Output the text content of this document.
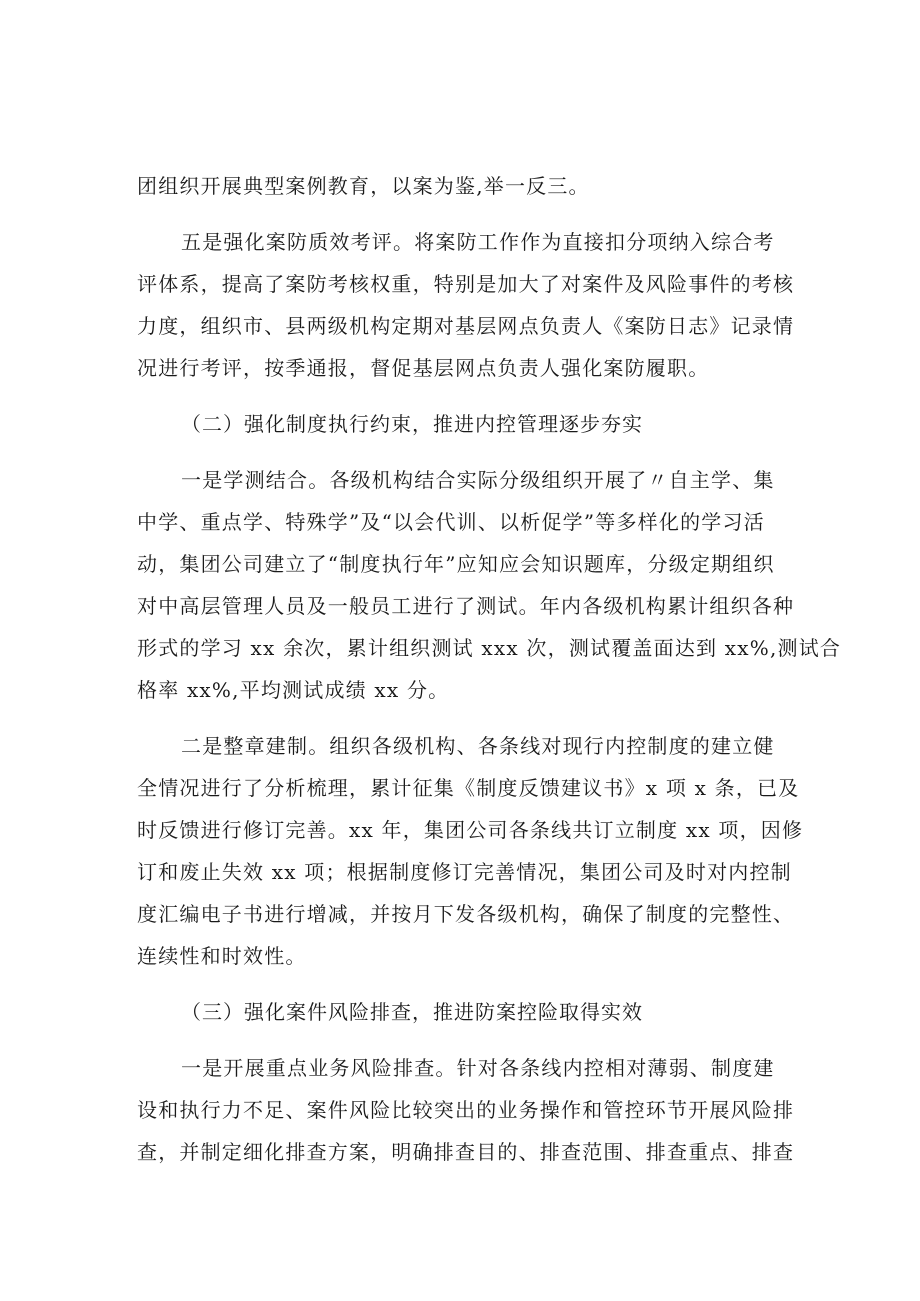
团组织开展典型案例教育，以案为鉴,举一反三。
五是强化案防质效考评。将案防工作作为直接扣分项纳入综合考
评体系，提高了案防考核权重，特别是加大了对案件及风险事件的考核
力度，组织市、县两级机构定期对基层网点负责人《案防日志》记录情
况进行考评，按季通报，督促基层网点负责人强化案防履职。
（二）强化制度执行约束，推进内控管理逐步夯实
一是学测结合。各级机构结合实际分级组织开展了〃自主学、集
中学、重点学、特殊学”及“以会代训、以析促学”等多样化的学习活
动，集团公司建立了“制度执行年”应知应会知识题库，分级定期组织
对中高层管理人员及一般员工进行了测试。年内各级机构累计组织各种
形式的学习 xx 余次，累计组织测试 xxx 次，测试覆盖面达到 xx%,测试合
格率 xx%,平均测试成绩 xx 分。
二是整章建制。组织各级机构、各条线对现行内控制度的建立健
全情况进行了分析梳理，累计征集《制度反馈建议书》x 项 x 条，已及
时反馈进行修订完善。xx 年，集团公司各条线共订立制度 xx 项，因修
订和废止失效 xx 项；根据制度修订完善情况，集团公司及时对内控制
度汇编电子书进行增减，并按月下发各级机构，确保了制度的完整性、
连续性和时效性。
（三）强化案件风险排查，推进防案控险取得实效
一是开展重点业务风险排查。针对各条线内控相对薄弱、制度建
设和执行力不足、案件风险比较突出的业务操作和管控环节开展风险排
查，并制定细化排查方案，明确排查目的、排查范围、排查重点、排查
